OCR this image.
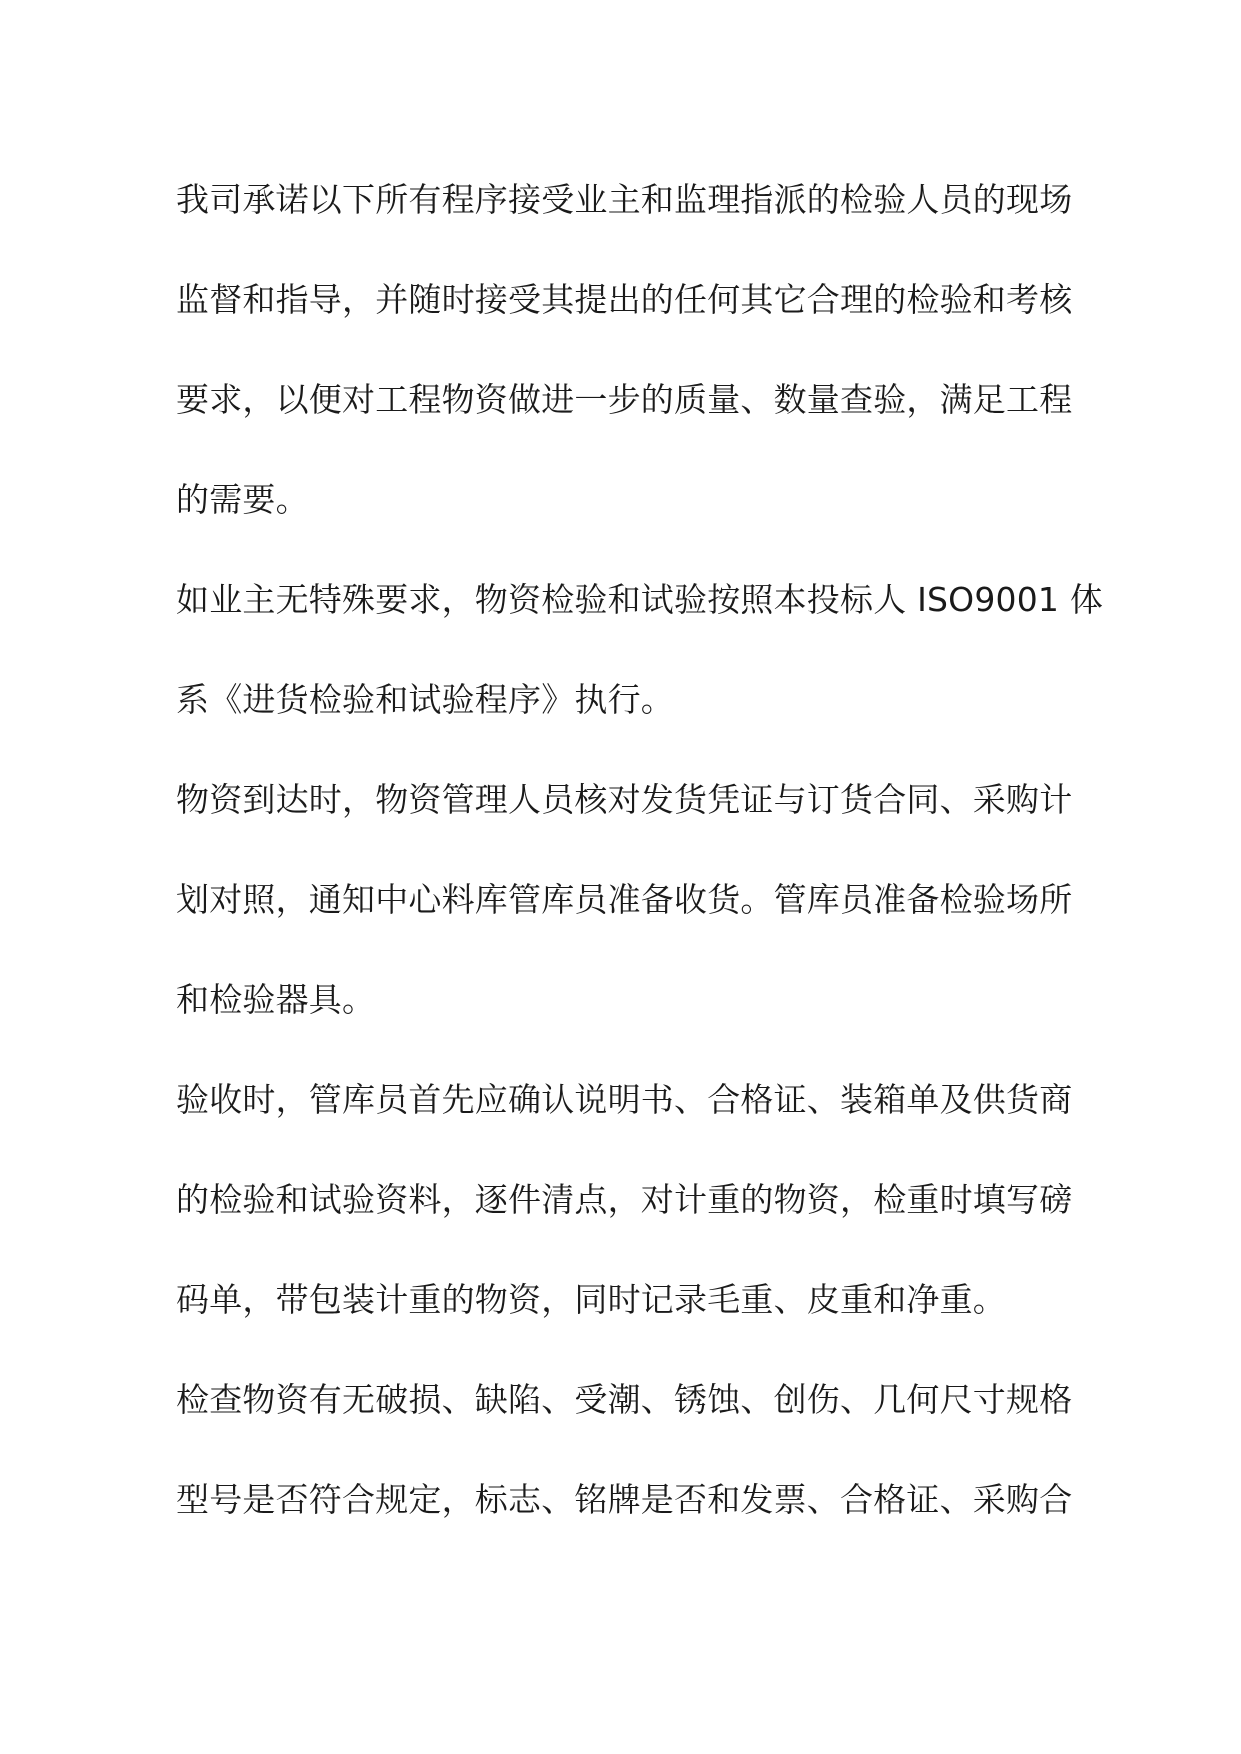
我司承诺以下所有程序接受业主和监理指派的检验人员的现场
监督和指导，并随时接受其提出的任何其它合理的检验和考核
要求，以便对工程物资做进一步的质量、数量查验，满足工程
的需要。
如业主无特殊要求，物资检验和试验按照本投标人 ISO9001 体
系《进货检验和试验程序》执行。
物资到达时，物资管理人员核对发货凭证与订货合同、采购计
划对照，通知中心料库管库员准备收货。管库员准备检验场所
和检验器具。
验收时，管库员首先应确认说明书、合格证、装箱单及供货商
的检验和试验资料，逐件清点，对计重的物资，检重时填写磅
码单，带包装计重的物资，同时记录毛重、皮重和净重。
检查物资有无破损、缺陷、受潮、锈蚀、创伤、几何尺寸规格
型号是否符合规定，标志、铭牌是否和发票、合格证、采购合
